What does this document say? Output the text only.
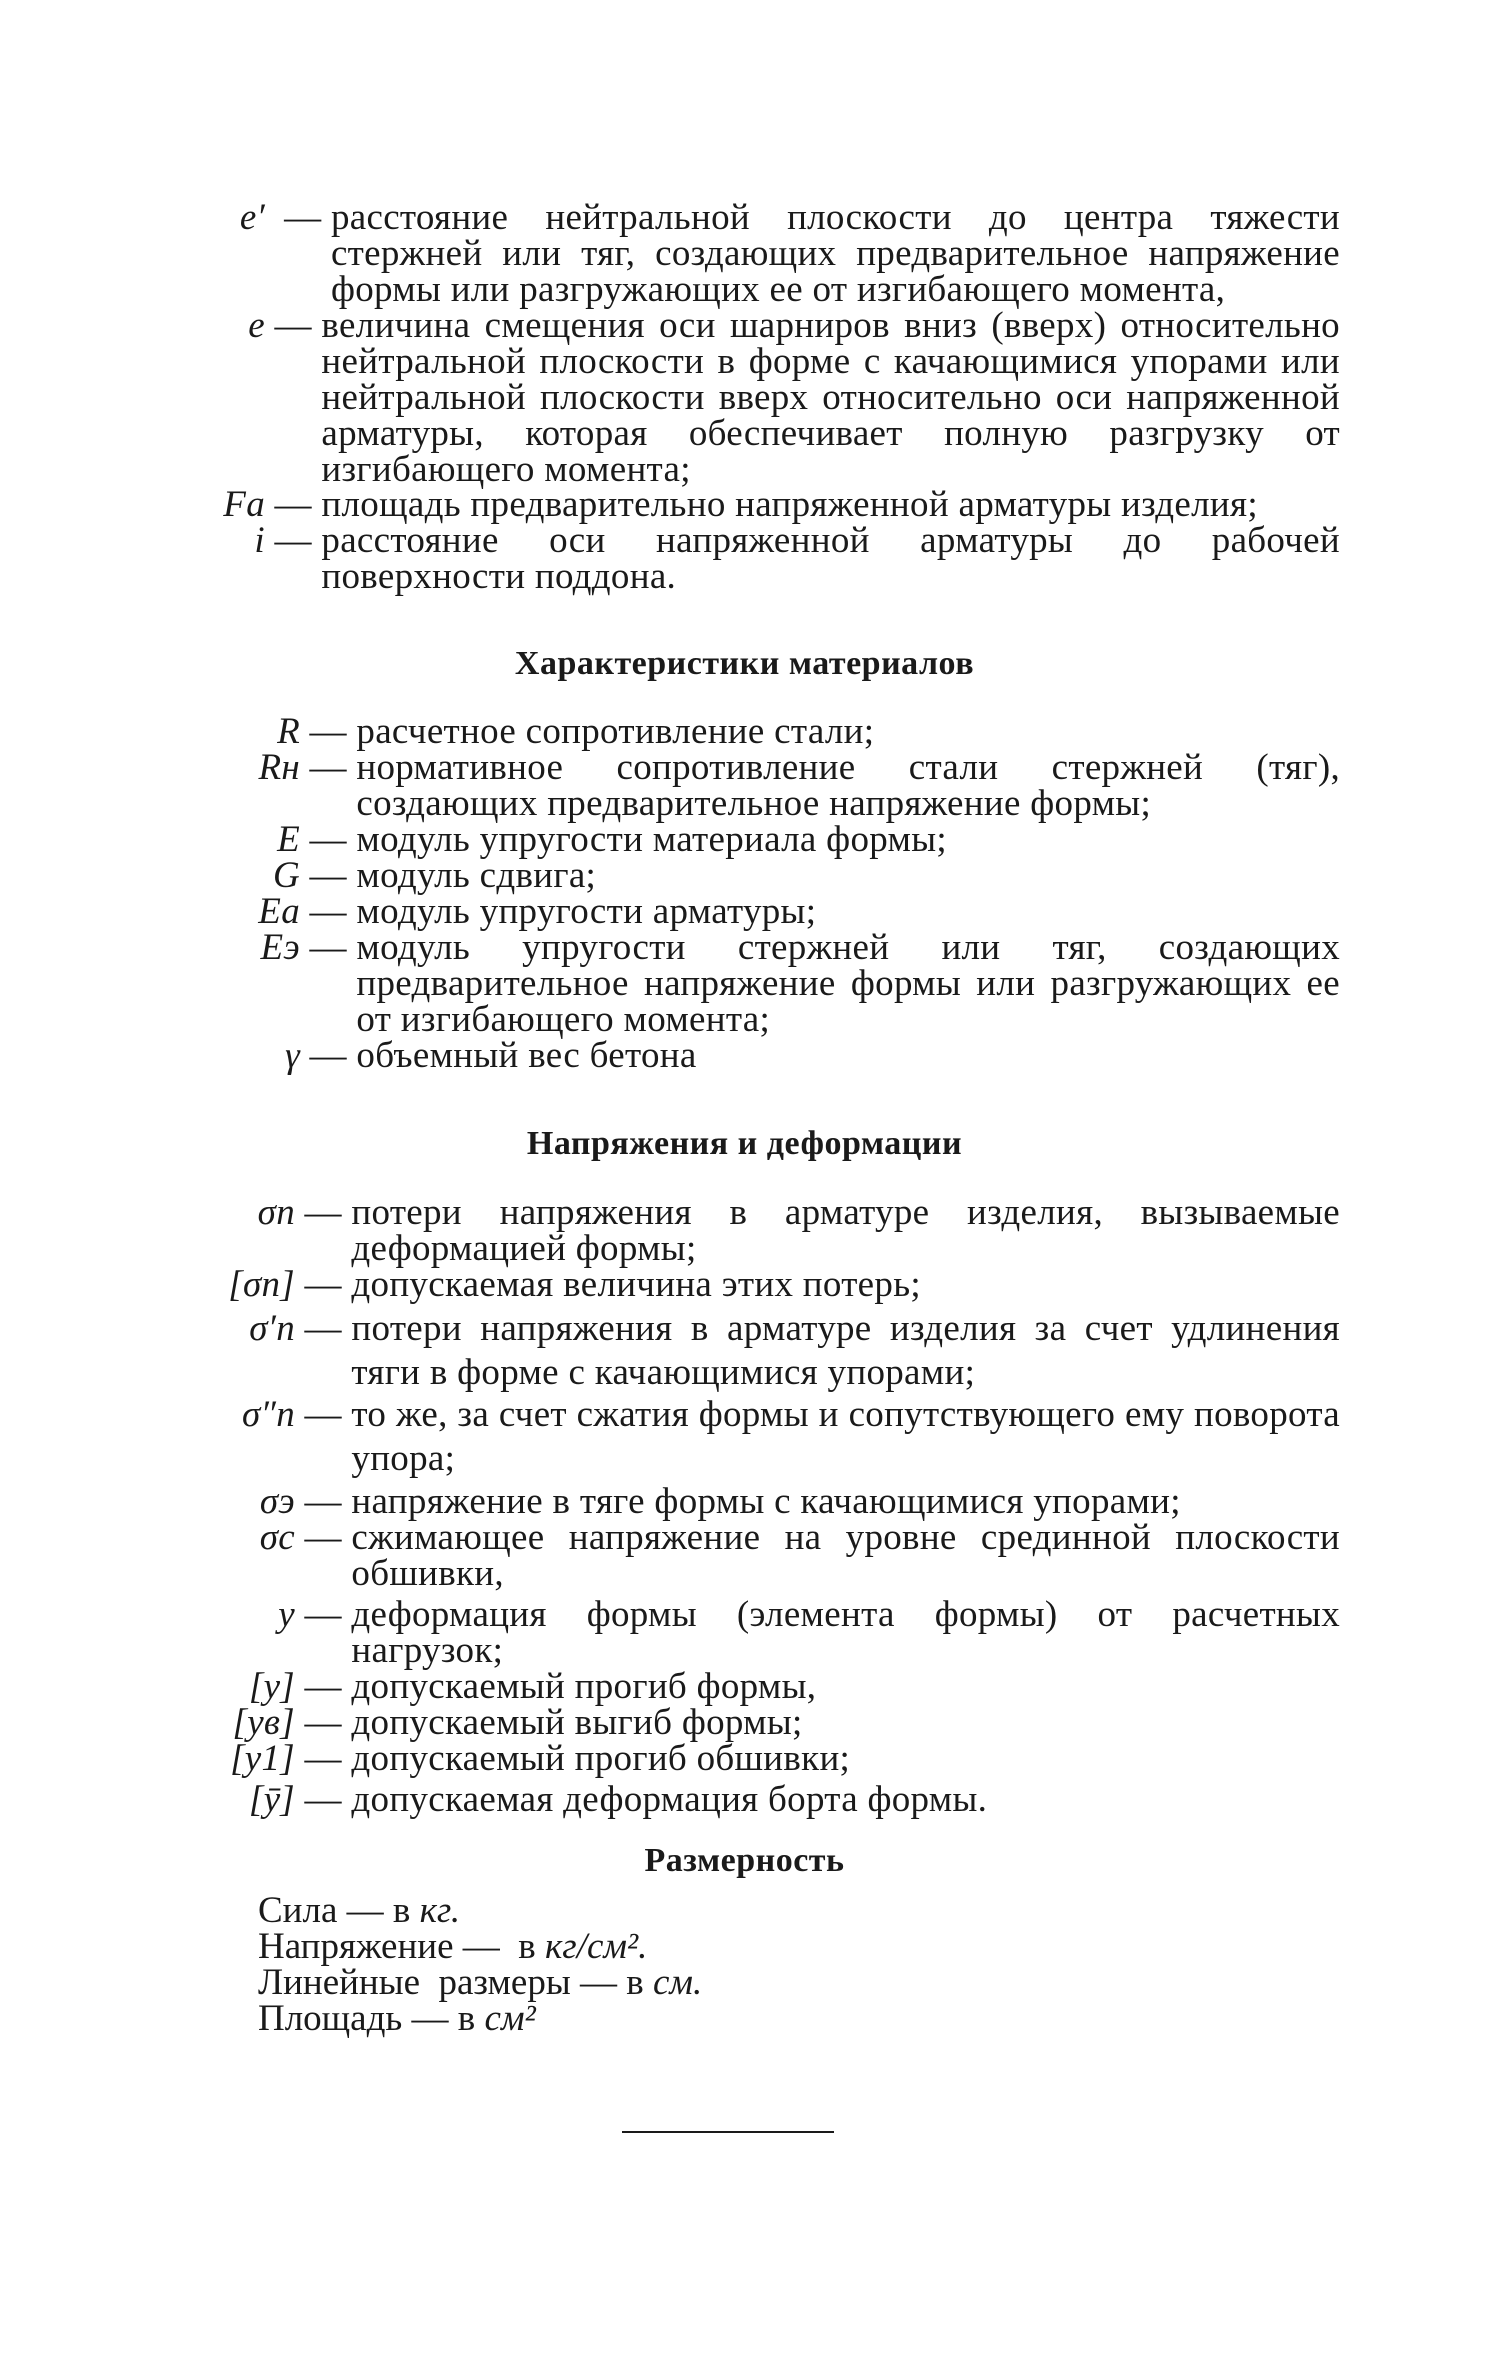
e′ — расстояние нейтральной плоскости до центра тяжести стержней или тяг, создающих предварительное напряжение формы или разгружающих ее от изгибающего момента,
e — величина смещения оси шарниров вниз (вверх) относительно нейтральной плоскости в форме с качающимися упорами или нейтральной плоскости вверх относительно оси напряженной арматуры, которая обеспечивает полную разгрузку от изгибающего момента;
Fа — площадь предварительно напряженной арматуры изделия;
i — расстояние оси напряженной арматуры до рабочей поверхности поддона.
Характеристики материалов
R — расчетное сопротивление стали;
Rн — нормативное сопротивление стали стержней (тяг), создающих предварительное напряжение формы;
E — модуль упругости материала формы;
G — модуль сдвига;
Eа — модуль упругости арматуры;
Eэ — модуль упругости стержней или тяг, создающих предварительное напряжение формы или разгружающих ее от изгибающего момента;
γ — объемный вес бетона
Напряжения и деформации
σп — потери напряжения в арматуре изделия, вызываемые деформацией формы;
[σп] — допускаемая величина этих потерь;
σ′п — потери напряжения в арматуре изделия за счет удлинения тяги в форме с качающимися упорами;
σ″п — то же, за счет сжатия формы и сопутствующего ему поворота упора;
σэ — напряжение в тяге формы с качающимися упорами;
σс — сжимающее напряжение на уровне срединной плоскости обшивки,
y — деформация формы (элемента формы) от расчетных нагрузок;
[y] — допускаемый прогиб формы,
[yв] — допускаемый выгиб формы;
[y1] — допускаемый прогиб обшивки;
[ȳ] — допускаемая деформация борта формы.
Размерность
Сила — в кг.
Напряжение —  в кг/см².
Линейные  размеры — в см.
Площадь — в см²
